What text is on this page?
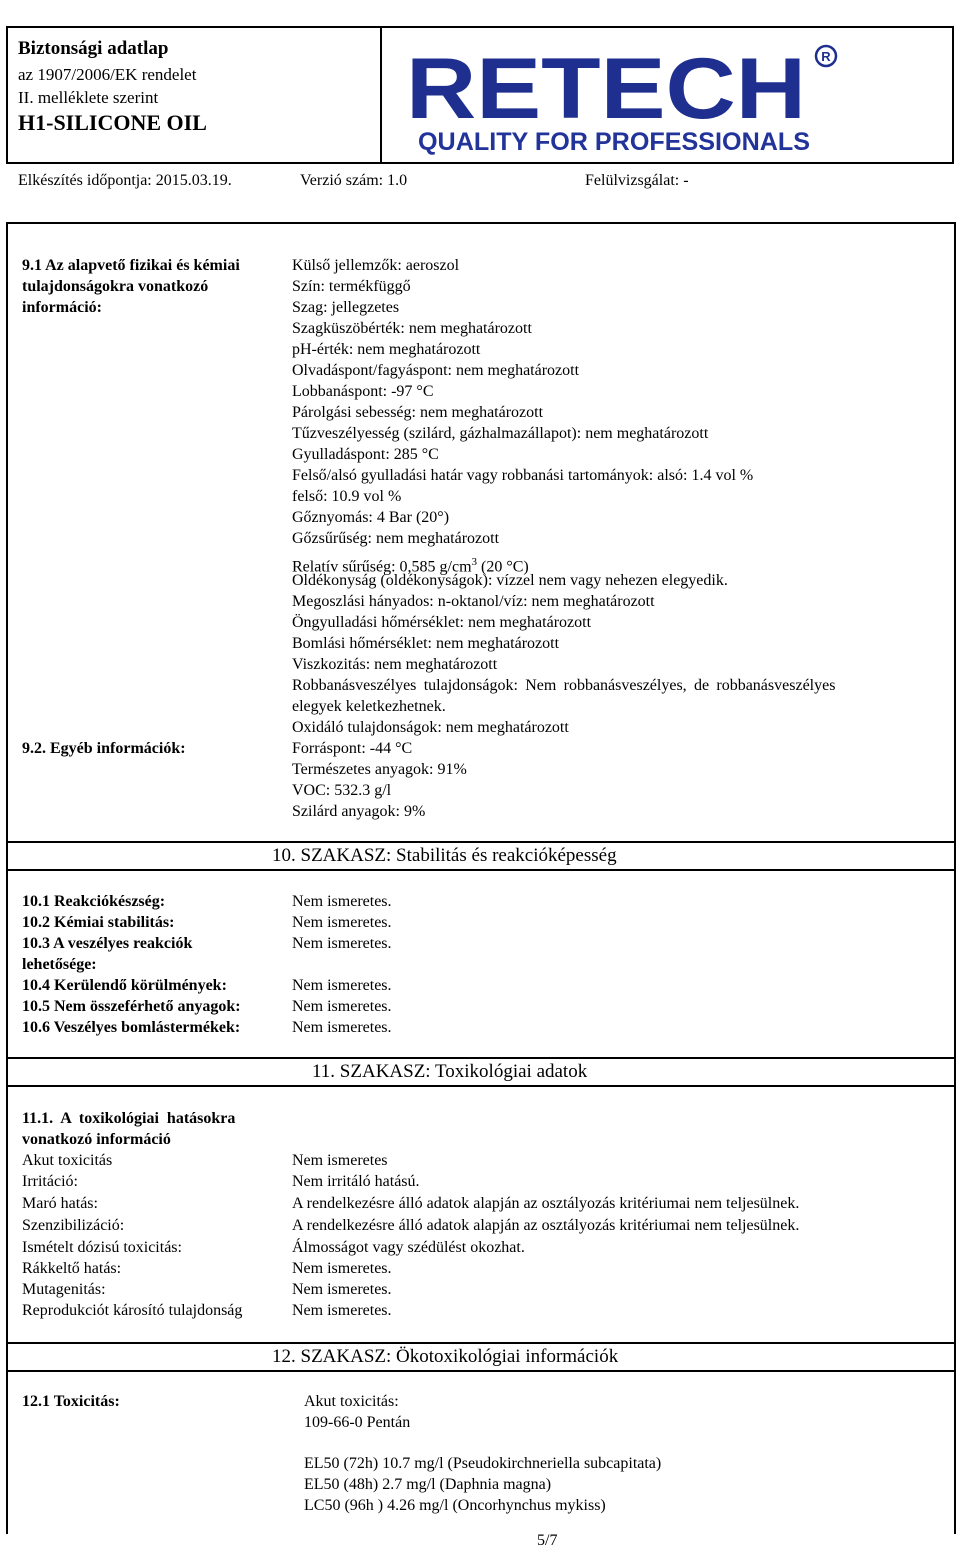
Biztonsági adatlap
az 1907/2006/EK rendelet
II. melléklete szerint
H1-SILICONE OIL RETECH R
QUALITY FOR PROFESSIONALS
Elkészítés időpontja: 2015.03.19.	Verzió szám: 1.0	Felülvizsgálat: -
9.1 Az alapvető fizikai és kémiai
tulajdonságokra vonatkozó
információ:
Külső jellemzők: aeroszol
Szín: termékfüggő
Szag: jellegzetes
Szagküszöbérték: nem meghatározott
pH-érték: nem meghatározott
Olvadáspont/fagyáspont: nem meghatározott
Lobbanáspont: -97 °C
Párolgási sebesség: nem meghatározott
Tűzveszélyesség (szilárd, gázhalmazállapot): nem meghatározott
Gyulladáspont: 285 °C
Felső/alsó gyulladási határ vagy robbanási tartományok: alsó: 1.4 vol %
felső: 10.9 vol %
Gőznyomás: 4 Bar (20°)
Gőzsűrűség: nem meghatározott
Relatív sűrűség: 0,585 $g/cm^3$ (20 °C)
Oldékonyság (oldékonyságok): vízzel nem vagy nehezen elegyedik.
Megoszlási hányados: n-oktanol/víz: nem meghatározott
Öngyulladási hőmérséklet: nem meghatározott
Bomlási hőmérséklet: nem meghatározott
Viszkozitás: nem meghatározott
Robbanásveszélyes tulajdonságok: Nem robbanásveszélyes, de robbanásveszélyes
elegyek keletkezhetnek.
Oxidáló tulajdonságok: nem meghatározott
9.2. Egyéb információk:	Forráspont: -44 °C
Természetes anyagok: 91%
VOC: 532.3 g/l
Szilárd anyagok: 9%
10. SZAKASZ: Stabilitás és reakcióképesség
10.1 Reakciókészség:	Nem ismeretes.
10.2 Kémiai stabilitás:	Nem ismeretes.
10.3 A veszélyes reakciók	Nem ismeretes.
lehetősége:
10.4 Kerülendő körülmények:	Nem ismeretes.
10.5 Nem összeférhető anyagok:	Nem ismeretes.
10.6 Veszélyes bomlástermékek:	Nem ismeretes.
11. SZAKASZ: Toxikológiai adatok
11.1. A toxikológiai hatásokra
vonatkozó információ
Akut toxicitás	Nem ismeretes
Irritáció:	Nem irritáló hatású.
Maró hatás:	A rendelkezésre álló adatok alapján az osztályozás kritériumai nem teljesülnek.
Szenzibilizáció:	A rendelkezésre álló adatok alapján az osztályozás kritériumai nem teljesülnek.
Ismételt dózisú toxicitás:	Álmosságot vagy szédülést okozhat.
Rákkeltő hatás:	Nem ismeretes.
Mutagenitás:	Nem ismeretes.
Reprodukciót károsító tulajdonság	Nem ismeretes.
12. SZAKASZ: Ökotoxikológiai információk
12.1 Toxicitás:	Akut toxicitás:
109-66-0 Pentán
EL50 (72h) 10.7 mg/l (Pseudokirchneriella subcapitata)
EL50 (48h) 2.7 mg/l (Daphnia magna)
LC50 (96h ) 4.26 mg/l (Oncorhynchus mykiss)
5/7
